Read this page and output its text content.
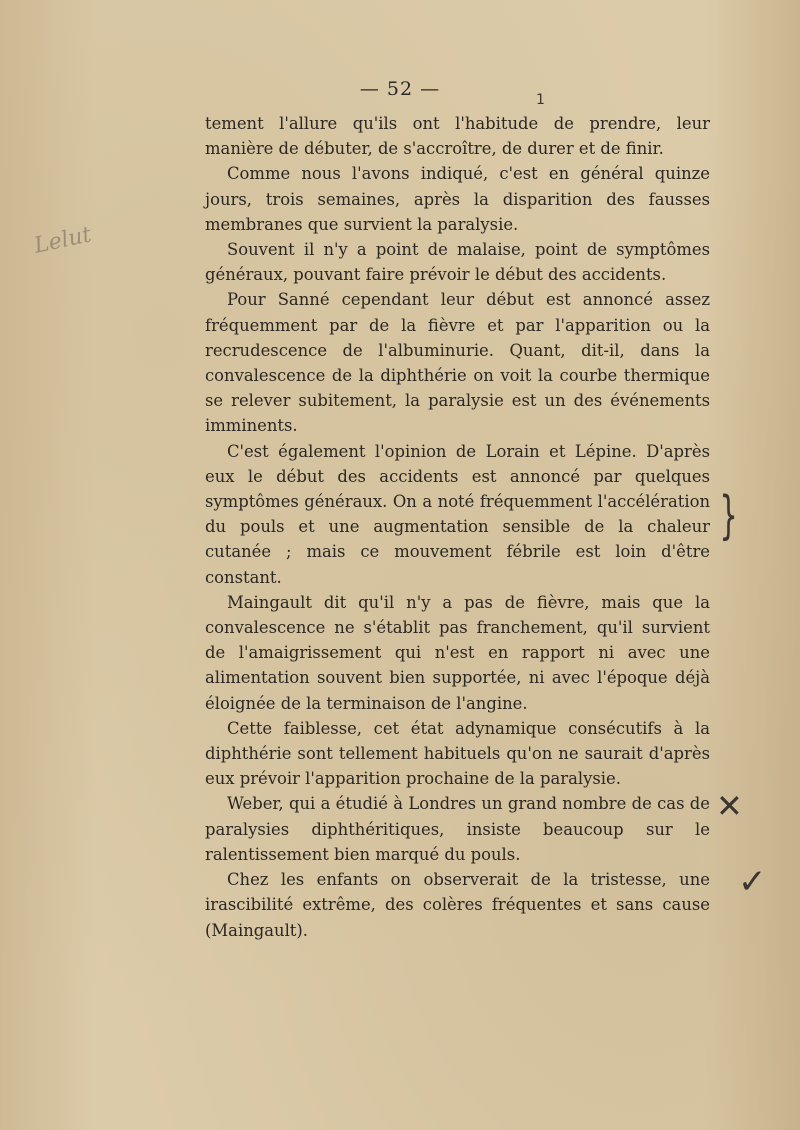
— 52 —
Lelut

tement l'allure qu'ils ont l'habitude de prendre, leur manière de débuter, de s'accroître, de durer et de finir.

Comme nous l'avons indiqué, c'est en général quinze jours, trois semaines, après la disparition des fausses membranes que survient la paralysie.

Souvent il n'y a point de malaise, point de symptômes généraux, pouvant faire prévoir le début des accidents.

Pour Sanné cependant leur début est annoncé assez fréquemment par de la fièvre et par l'apparition ou la recrudescence de l'albuminurie. Quant, dit-il, dans la convalescence de la diphthérie on voit la courbe thermique se relever subitement, la paralysie est un des événements imminents.

C'est également l'opinion de Lorain et Lépine. D'après eux le début des accidents est annoncé par quelques symptômes généraux. On a noté fréquemment l'accélération du pouls et une augmentation sensible de la chaleur cutanée ; mais ce mouvement fébrile est loin d'être constant.

Maingault dit qu'il n'y a pas de fièvre, mais que la convalescence ne s'établit pas franchement, qu'il survient de l'amaigrissement qui n'est en rapport ni avec une alimentation souvent bien supportée, ni avec l'époque déjà éloignée de la terminaison de l'angine.

Cette faiblesse, cet état adynamique consécutifs à la diphthérie sont tellement habituels qu'on ne saurait d'après eux prévoir l'apparition prochaine de la paralysie.

Weber, qui a étudié à Londres un grand nombre de cas de paralysies diphthéritiques, insiste beaucoup sur le ralentissement bien marqué du pouls.

Chez les enfants on observerait de la tristesse, une irascibilité extrême, des colères fréquentes et sans cause (Maingault).

1
}
✕
✓
